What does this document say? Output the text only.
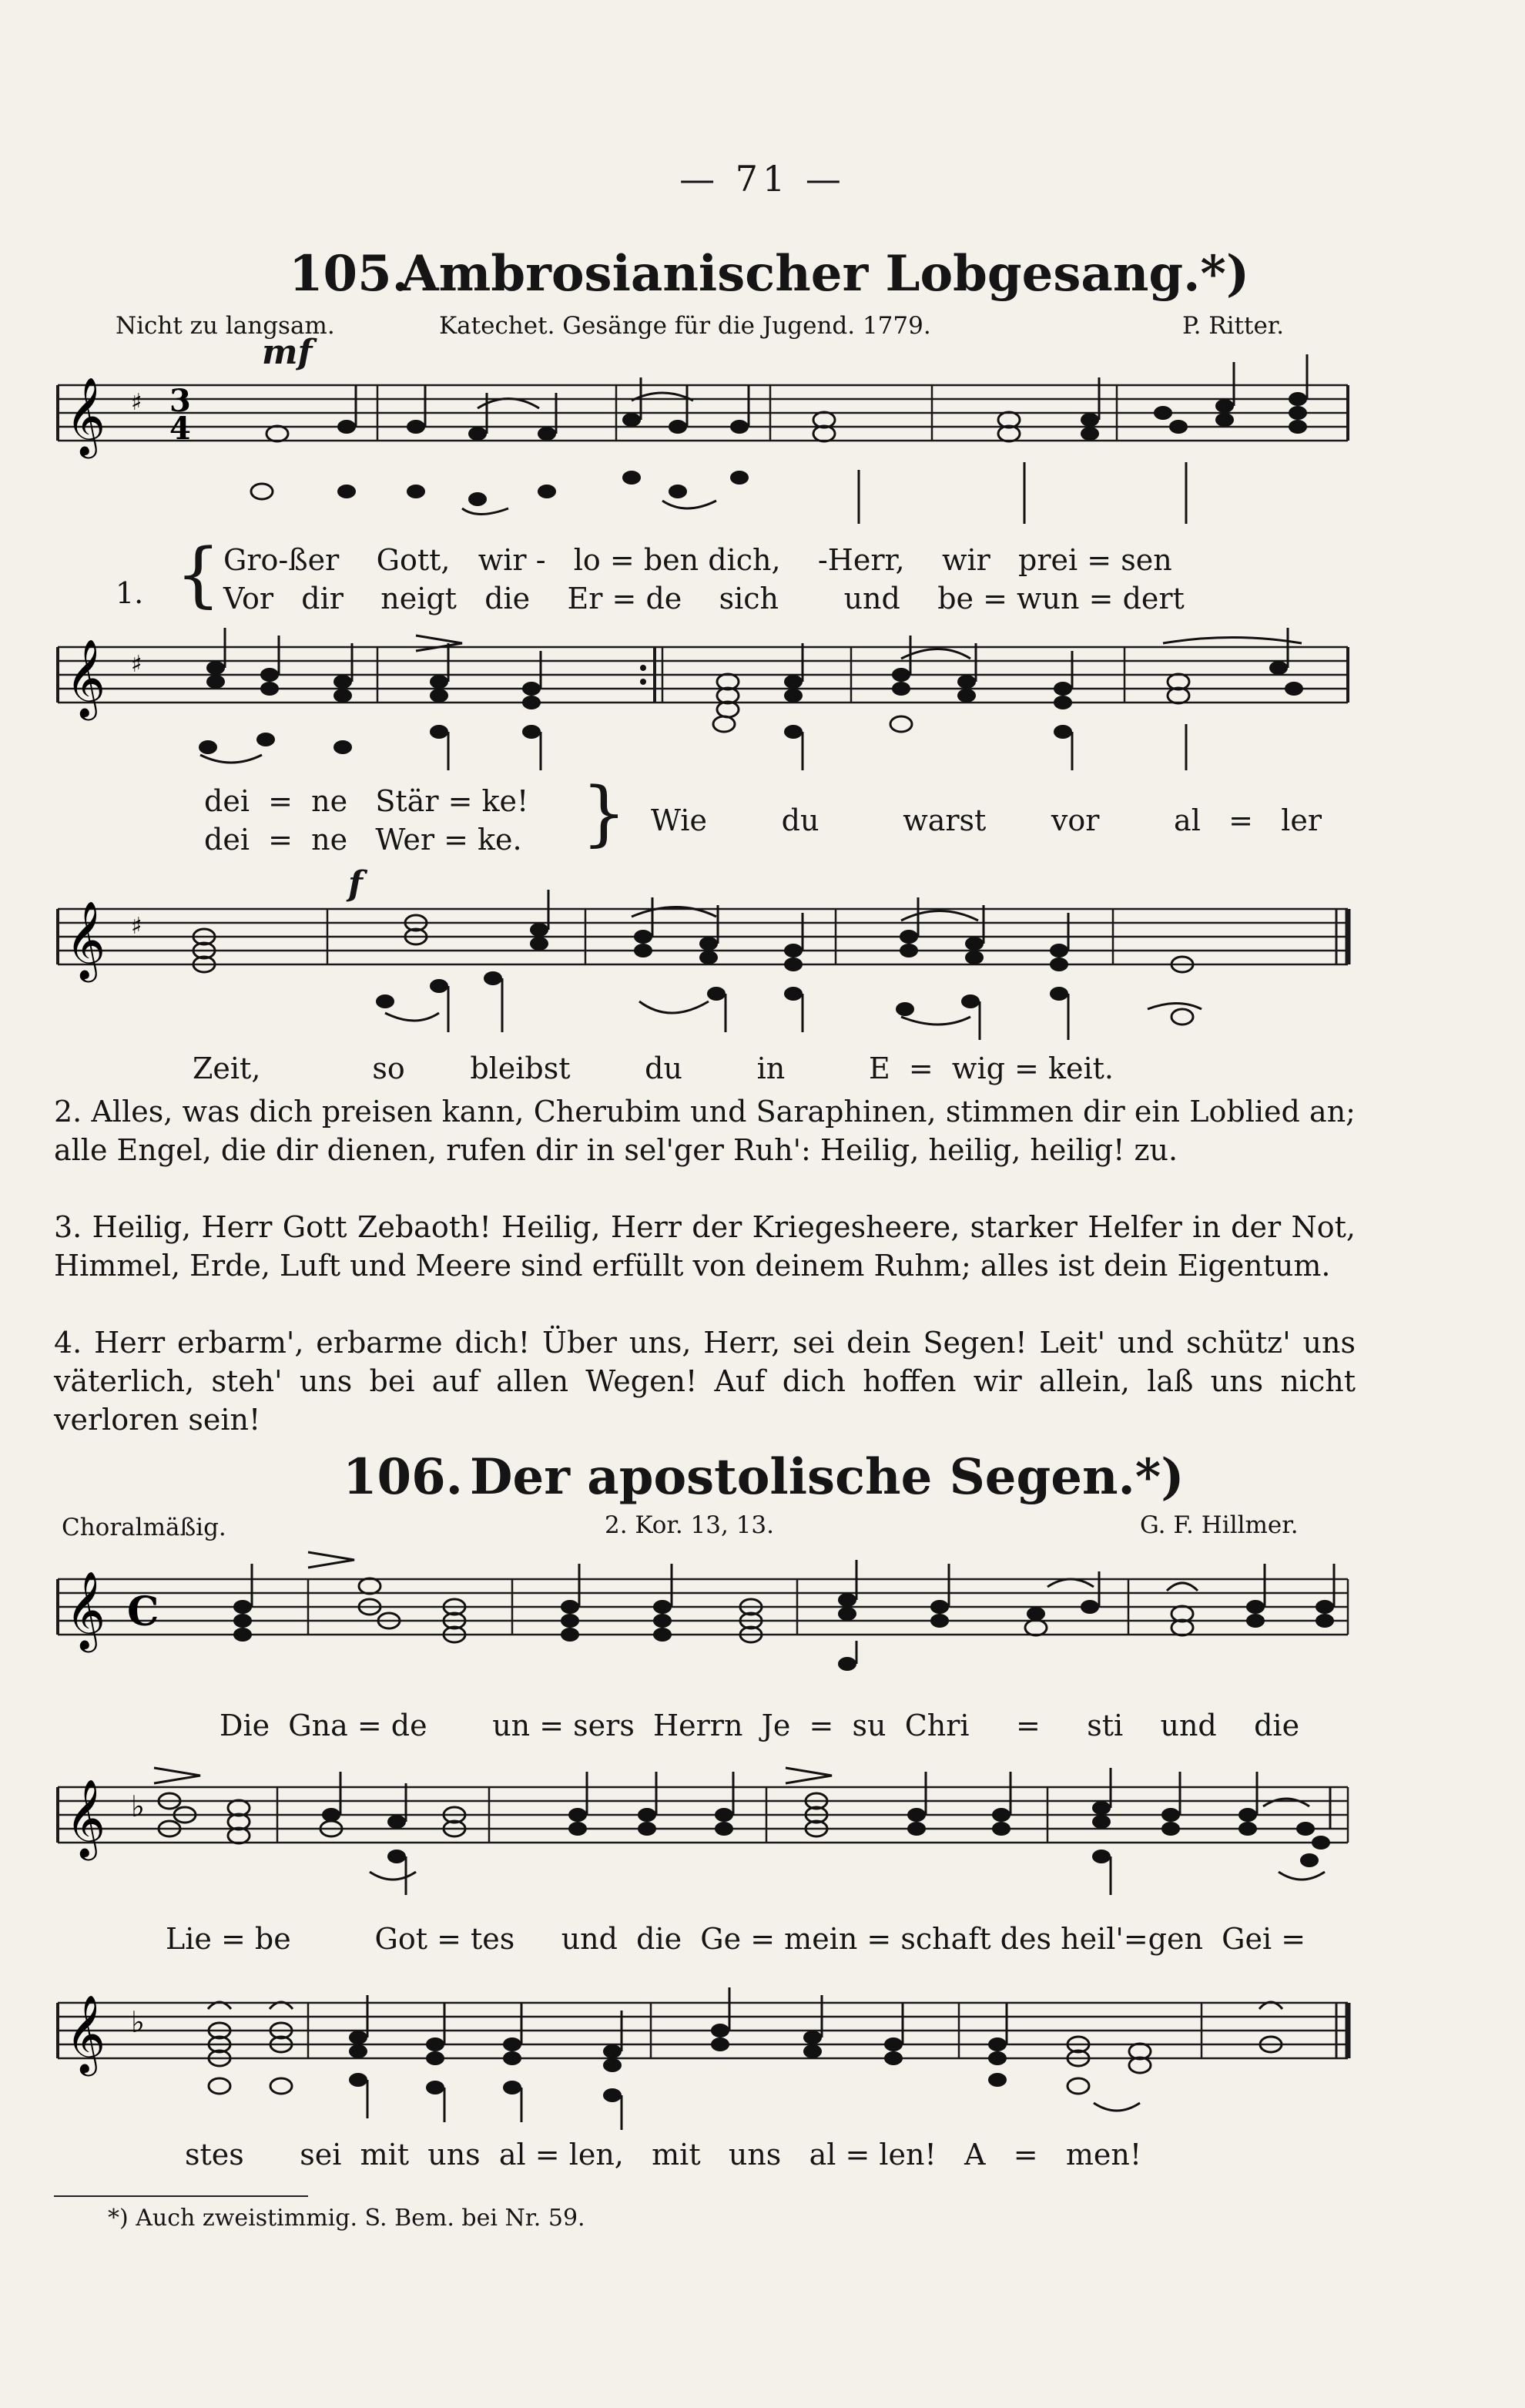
— 71 —
105.
Ambrosianischer Lobgesang.*)
Nicht zu langsam.	Katechet. Gesänge für die Jugend. 1779.	P. Ritter.
mf
𝄞 ♯ 3
4
1. { Gro-ßer Gott, wir - lo = ben dich, -Herr, wir prei = sen
Vor dir neigt die Er = de sich und be = wun = dert
𝄞 ♯
dei = ne Stär = ke!
dei = ne Wer = ke. } Wie	du	warst vor	al = ler
f
𝄞 ♯
Zeit,	so bleibst	du	in	E = wig = keit.
2. Alles, was dich preisen kann, Cherubim und Saraphinen, stimmen dir ein Loblied an; alle Engel, die dir dienen, rufen dir in sel'ger Ruh': Heilig, heilig, heilig! zu.
3. Heilig, Herr Gott Zebaoth! Heilig, Herr der Kriegesheere, starker Helfer in der Not, Himmel, Erde, Luft und Meere sind erfüllt von deinem Ruhm; alles ist dein Eigentum.
4. Herr erbarm', erbarme dich! Über uns, Herr, sei dein Segen! Leit' und schütz' uns väterlich, steh' uns bei auf allen Wegen! Auf dich hoffen wir allein, laß uns nicht verloren sein!
106. Der apostolische Segen.*)
Choralmäßig.	2. Kor. 13, 13.	G. F. Hillmer.
𝄞 C
Die Gna = de un = sers Herrn Je = su Chri = sti und die
𝄞 ♭
Lie = be	Got = tes und die Ge = mein = schaft des heil'=gen Gei =
𝄞 ♭
stes sei mit uns al = len, mit uns al = len! A = men!
*) Auch zweistimmig. S. Bem. bei Nr. 59.
